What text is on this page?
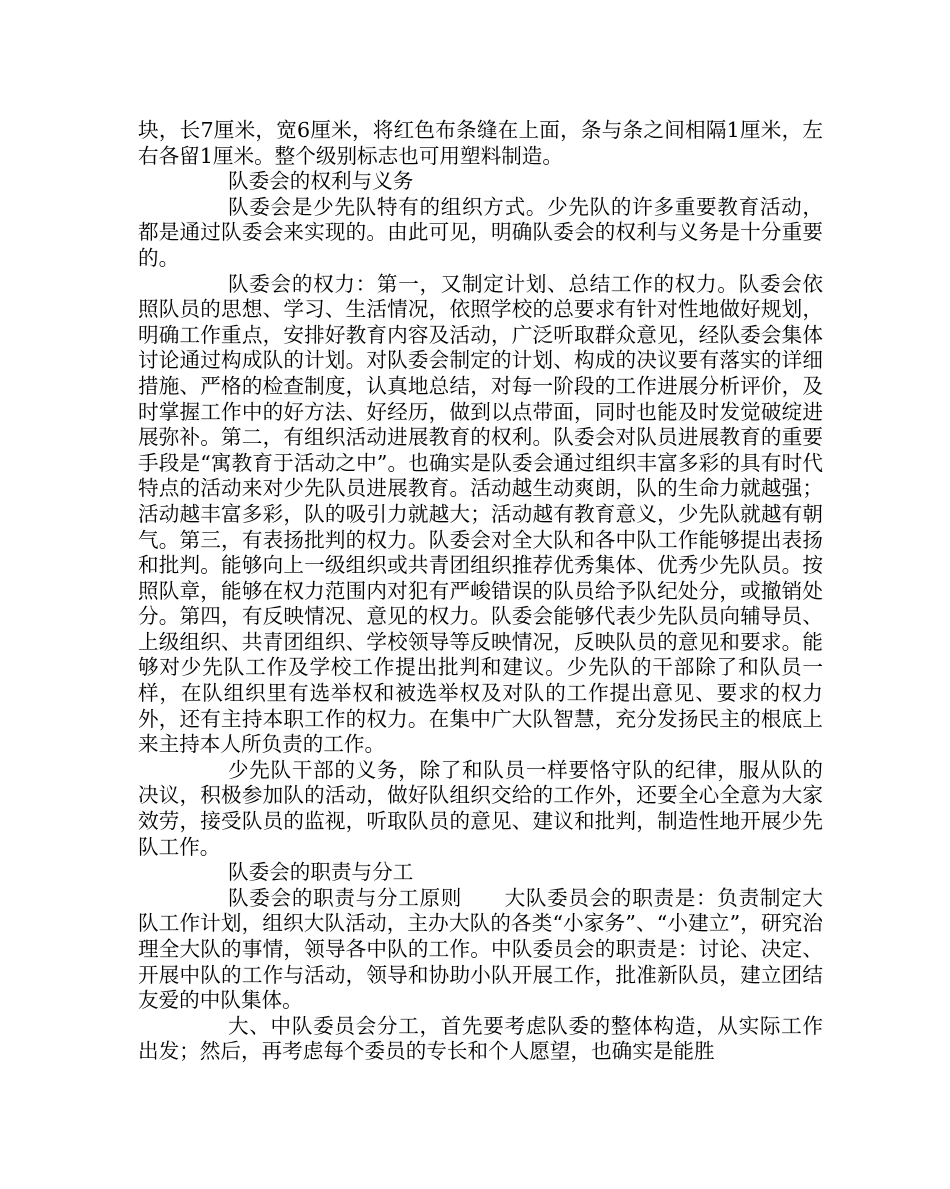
块，长7厘米，宽6厘米，将红色布条缝在上面，条与条之间相隔1厘米，左右各留1厘米。整个级别标志也可用塑料制造。

队委会的权利与义务

队委会是少先队特有的组织方式。少先队的许多重要教育活动，都是通过队委会来实现的。由此可见，明确队委会的权利与义务是十分重要的。

队委会的权力：第一，又制定计划、总结工作的权力。队委会依照队员的思想、学习、生活情况，依照学校的总要求有针对性地做好规划，明确工作重点，安排好教育内容及活动，广泛听取群众意见，经队委会集体讨论通过构成队的计划。对队委会制定的计划、构成的决议要有落实的详细措施、严格的检查制度，认真地总结，对每一阶段的工作进展分析评价，及时掌握工作中的好方法、好经历，做到以点带面，同时也能及时发觉破绽进展弥补。第二，有组织活动进展教育的权利。队委会对队员进展教育的重要手段是“寓教育于活动之中”。也确实是队委会通过组织丰富多彩的具有时代特点的活动来对少先队员进展教育。活动越生动爽朗，队的生命力就越强；活动越丰富多彩，队的吸引力就越大；活动越有教育意义，少先队就越有朝气。第三，有表扬批判的权力。队委会对全大队和各中队工作能够提出表扬和批判。能够向上一级组织或共青团组织推荐优秀集体、优秀少先队员。按照队章，能够在权力范围内对犯有严峻错误的队员给予队纪处分，或撤销处分。第四，有反映情况、意见的权力。队委会能够代表少先队员向辅导员、上级组织、共青团组织、学校领导等反映情况，反映队员的意见和要求。能够对少先队工作及学校工作提出批判和建议。少先队的干部除了和队员一样，在队组织里有选举权和被选举权及对队的工作提出意见、要求的权力外，还有主持本职工作的权力。在集中广大队智慧，充分发扬民主的根底上来主持本人所负责的工作。

少先队干部的义务，除了和队员一样要恪守队的纪律，服从队的决议，积极参加队的活动，做好队组织交给的工作外，还要全心全意为大家效劳，接受队员的监视，听取队员的意见、建议和批判，制造性地开展少先队工作。

队委会的职责与分工

队委会的职责与分工原则　　大队委员会的职责是：负责制定大队工作计划，组织大队活动，主办大队的各类“小家务”、“小建立”，研究治理全大队的事情，领导各中队的工作。中队委员会的职责是：讨论、决定、开展中队的工作与活动，领导和协助小队开展工作，批准新队员，建立团结友爱的中队集体。

大、中队委员会分工，首先要考虑队委的整体构造，从实际工作出发；然后，再考虑每个委员的专长和个人愿望，也确实是能胜
